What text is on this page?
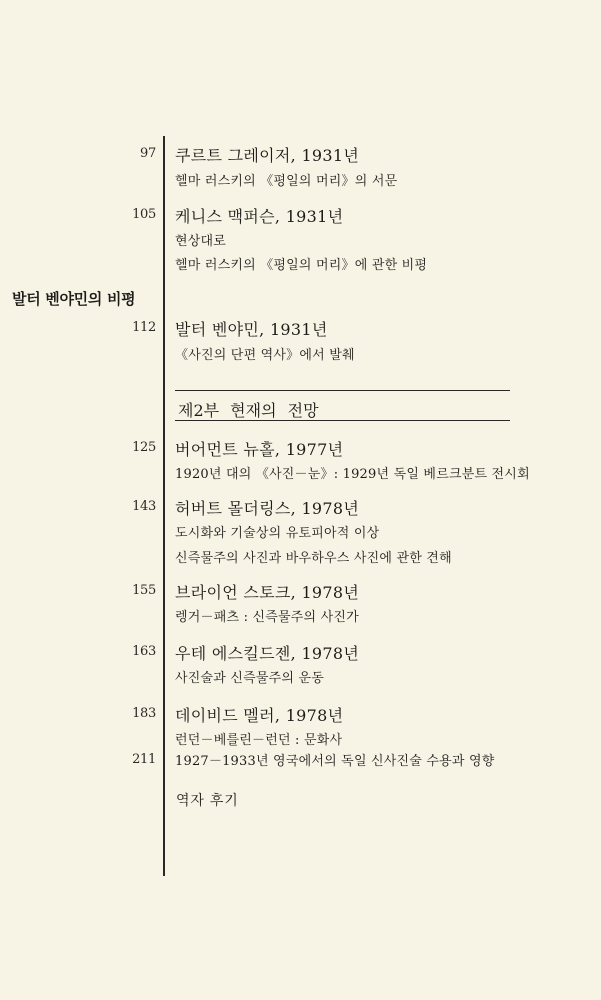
97 쿠르트 그레이저, 1931년
헬마 러스키의 《평일의 머리》의 서문
105 케니스 맥퍼슨, 1931년
현상대로
헬마 러스키의 《평일의 머리》에 관한 비평
발터 벤야민의 비평
112 발터 벤야민, 1931년
《사진의 단편 역사》에서 발췌
제2부 현재의 전망
125 버어먼트 뉴홀, 1977년
1920년 대의 《사진－눈》: 1929년 독일 베르크분트 전시회
143 허버트 몰더링스, 1978년
도시화와 기술상의 유토피아적 이상
신즉물주의 사진과 바우하우스 사진에 관한 견해
155 브라이언 스토크, 1978년
렝거－패츠 : 신즉물주의 사진가
163 우테 에스킬드젠, 1978년
사진술과 신즉물주의 운동
183 데이비드 멜러, 1978년
런던－베를린－런던 : 문화사
211 1927－1933년 영국에서의 독일 신사진술 수용과 영향
역자 후기
